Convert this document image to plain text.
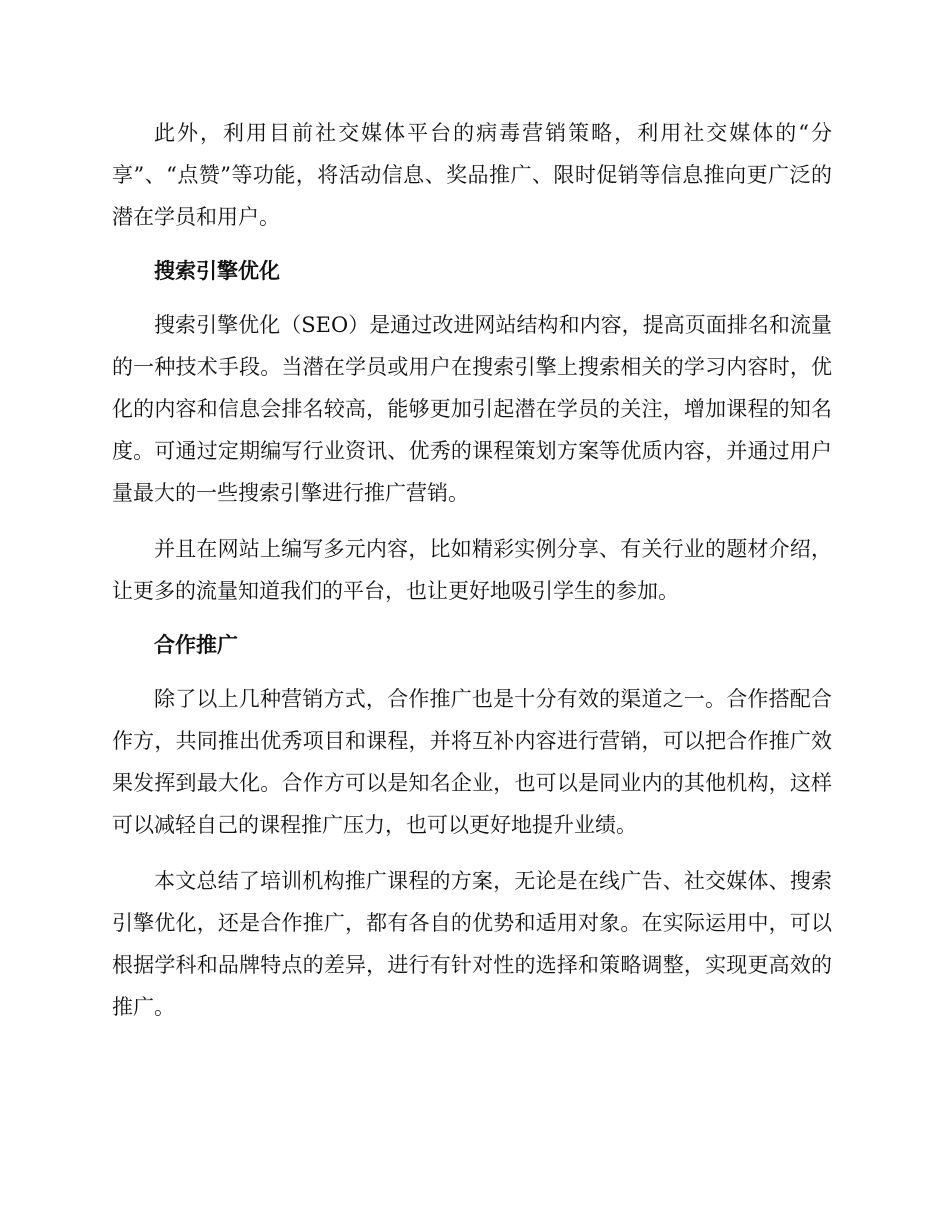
此外，利用目前社交媒体平台的病毒营销策略，利用社交媒体的“分享”、“点赞”等功能，将活动信息、奖品推广、限时促销等信息推向更广泛的潜在学员和用户。

搜索引擎优化

搜索引擎优化（SEO）是通过改进网站结构和内容，提高页面排名和流量的一种技术手段。当潜在学员或用户在搜索引擎上搜索相关的学习内容时，优化的内容和信息会排名较高，能够更加引起潜在学员的关注，增加课程的知名度。可通过定期编写行业资讯、优秀的课程策划方案等优质内容，并通过用户量最大的一些搜索引擎进行推广营销。

并且在网站上编写多元内容，比如精彩实例分享、有关行业的题材介绍，让更多的流量知道我们的平台，也让更好地吸引学生的参加。

合作推广

除了以上几种营销方式，合作推广也是十分有效的渠道之一。合作搭配合作方，共同推出优秀项目和课程，并将互补内容进行营销，可以把合作推广效果发挥到最大化。合作方可以是知名企业，也可以是同业内的其他机构，这样可以减轻自己的课程推广压力，也可以更好地提升业绩。

本文总结了培训机构推广课程的方案，无论是在线广告、社交媒体、搜索引擎优化，还是合作推广，都有各自的优势和适用对象。在实际运用中，可以根据学科和品牌特点的差异，进行有针对性的选择和策略调整，实现更高效的推广。
